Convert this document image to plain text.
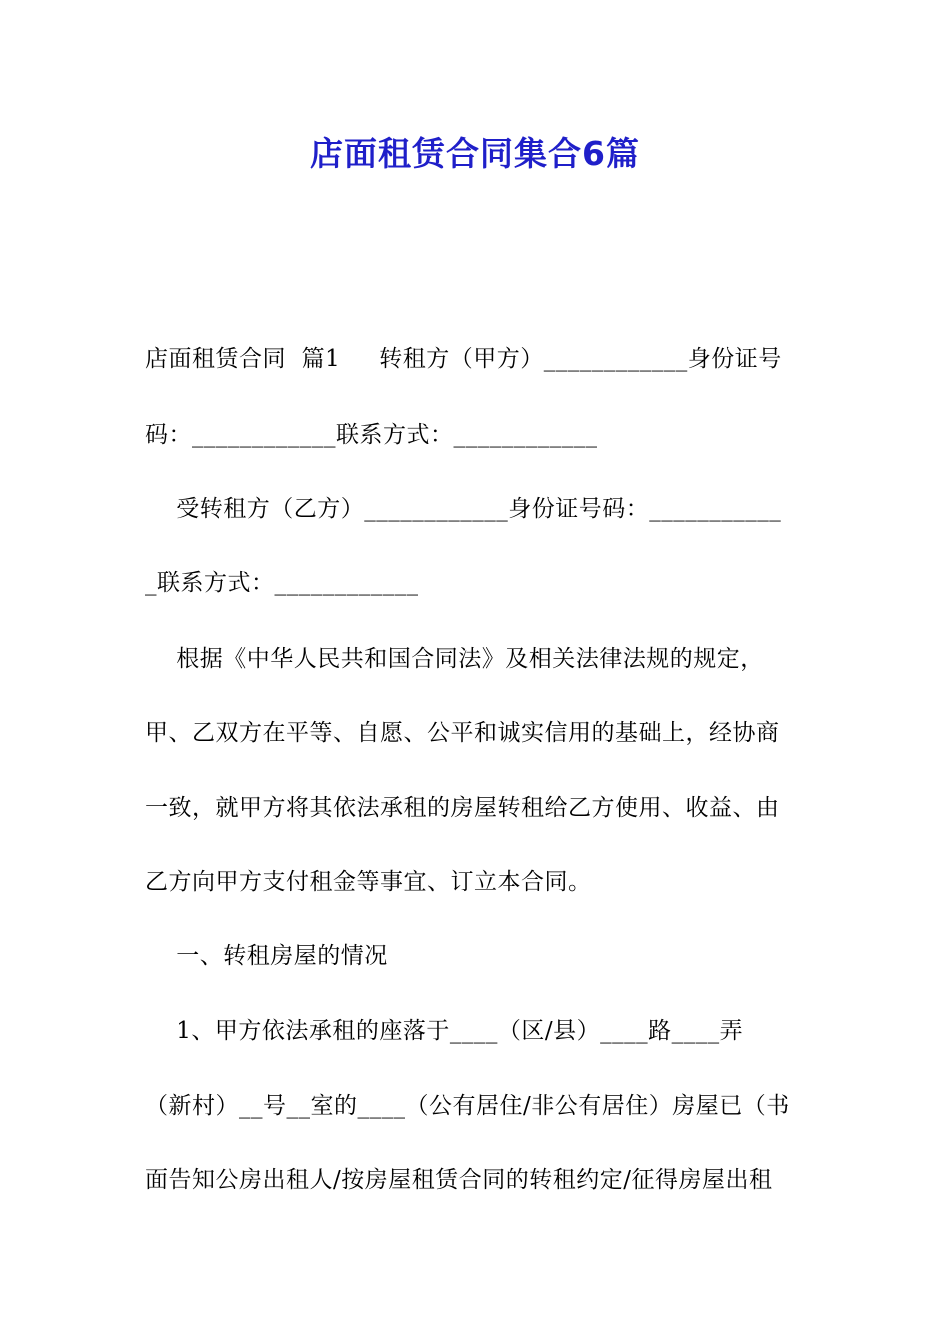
店面租赁合同集合6篇
店面租赁合同  篇1     转租方（甲方）____________身份证号
码：____________联系方式：____________
受转租方（乙方）____________身份证号码：___________
_联系方式：____________
根据《中华人民共和国合同法》及相关法律法规的规定，
甲、乙双方在平等、自愿、公平和诚实信用的基础上，经协商
一致，就甲方将其依法承租的房屋转租给乙方使用、收益、由
乙方向甲方支付租金等事宜、订立本合同。
一、转租房屋的情况
1、甲方依法承租的座落于____（区/县）____路____弄
（新村）__号__室的____（公有居住/非公有居住）房屋已（书
面告知公房出租人/按房屋租赁合同的转租约定/征得房屋出租
